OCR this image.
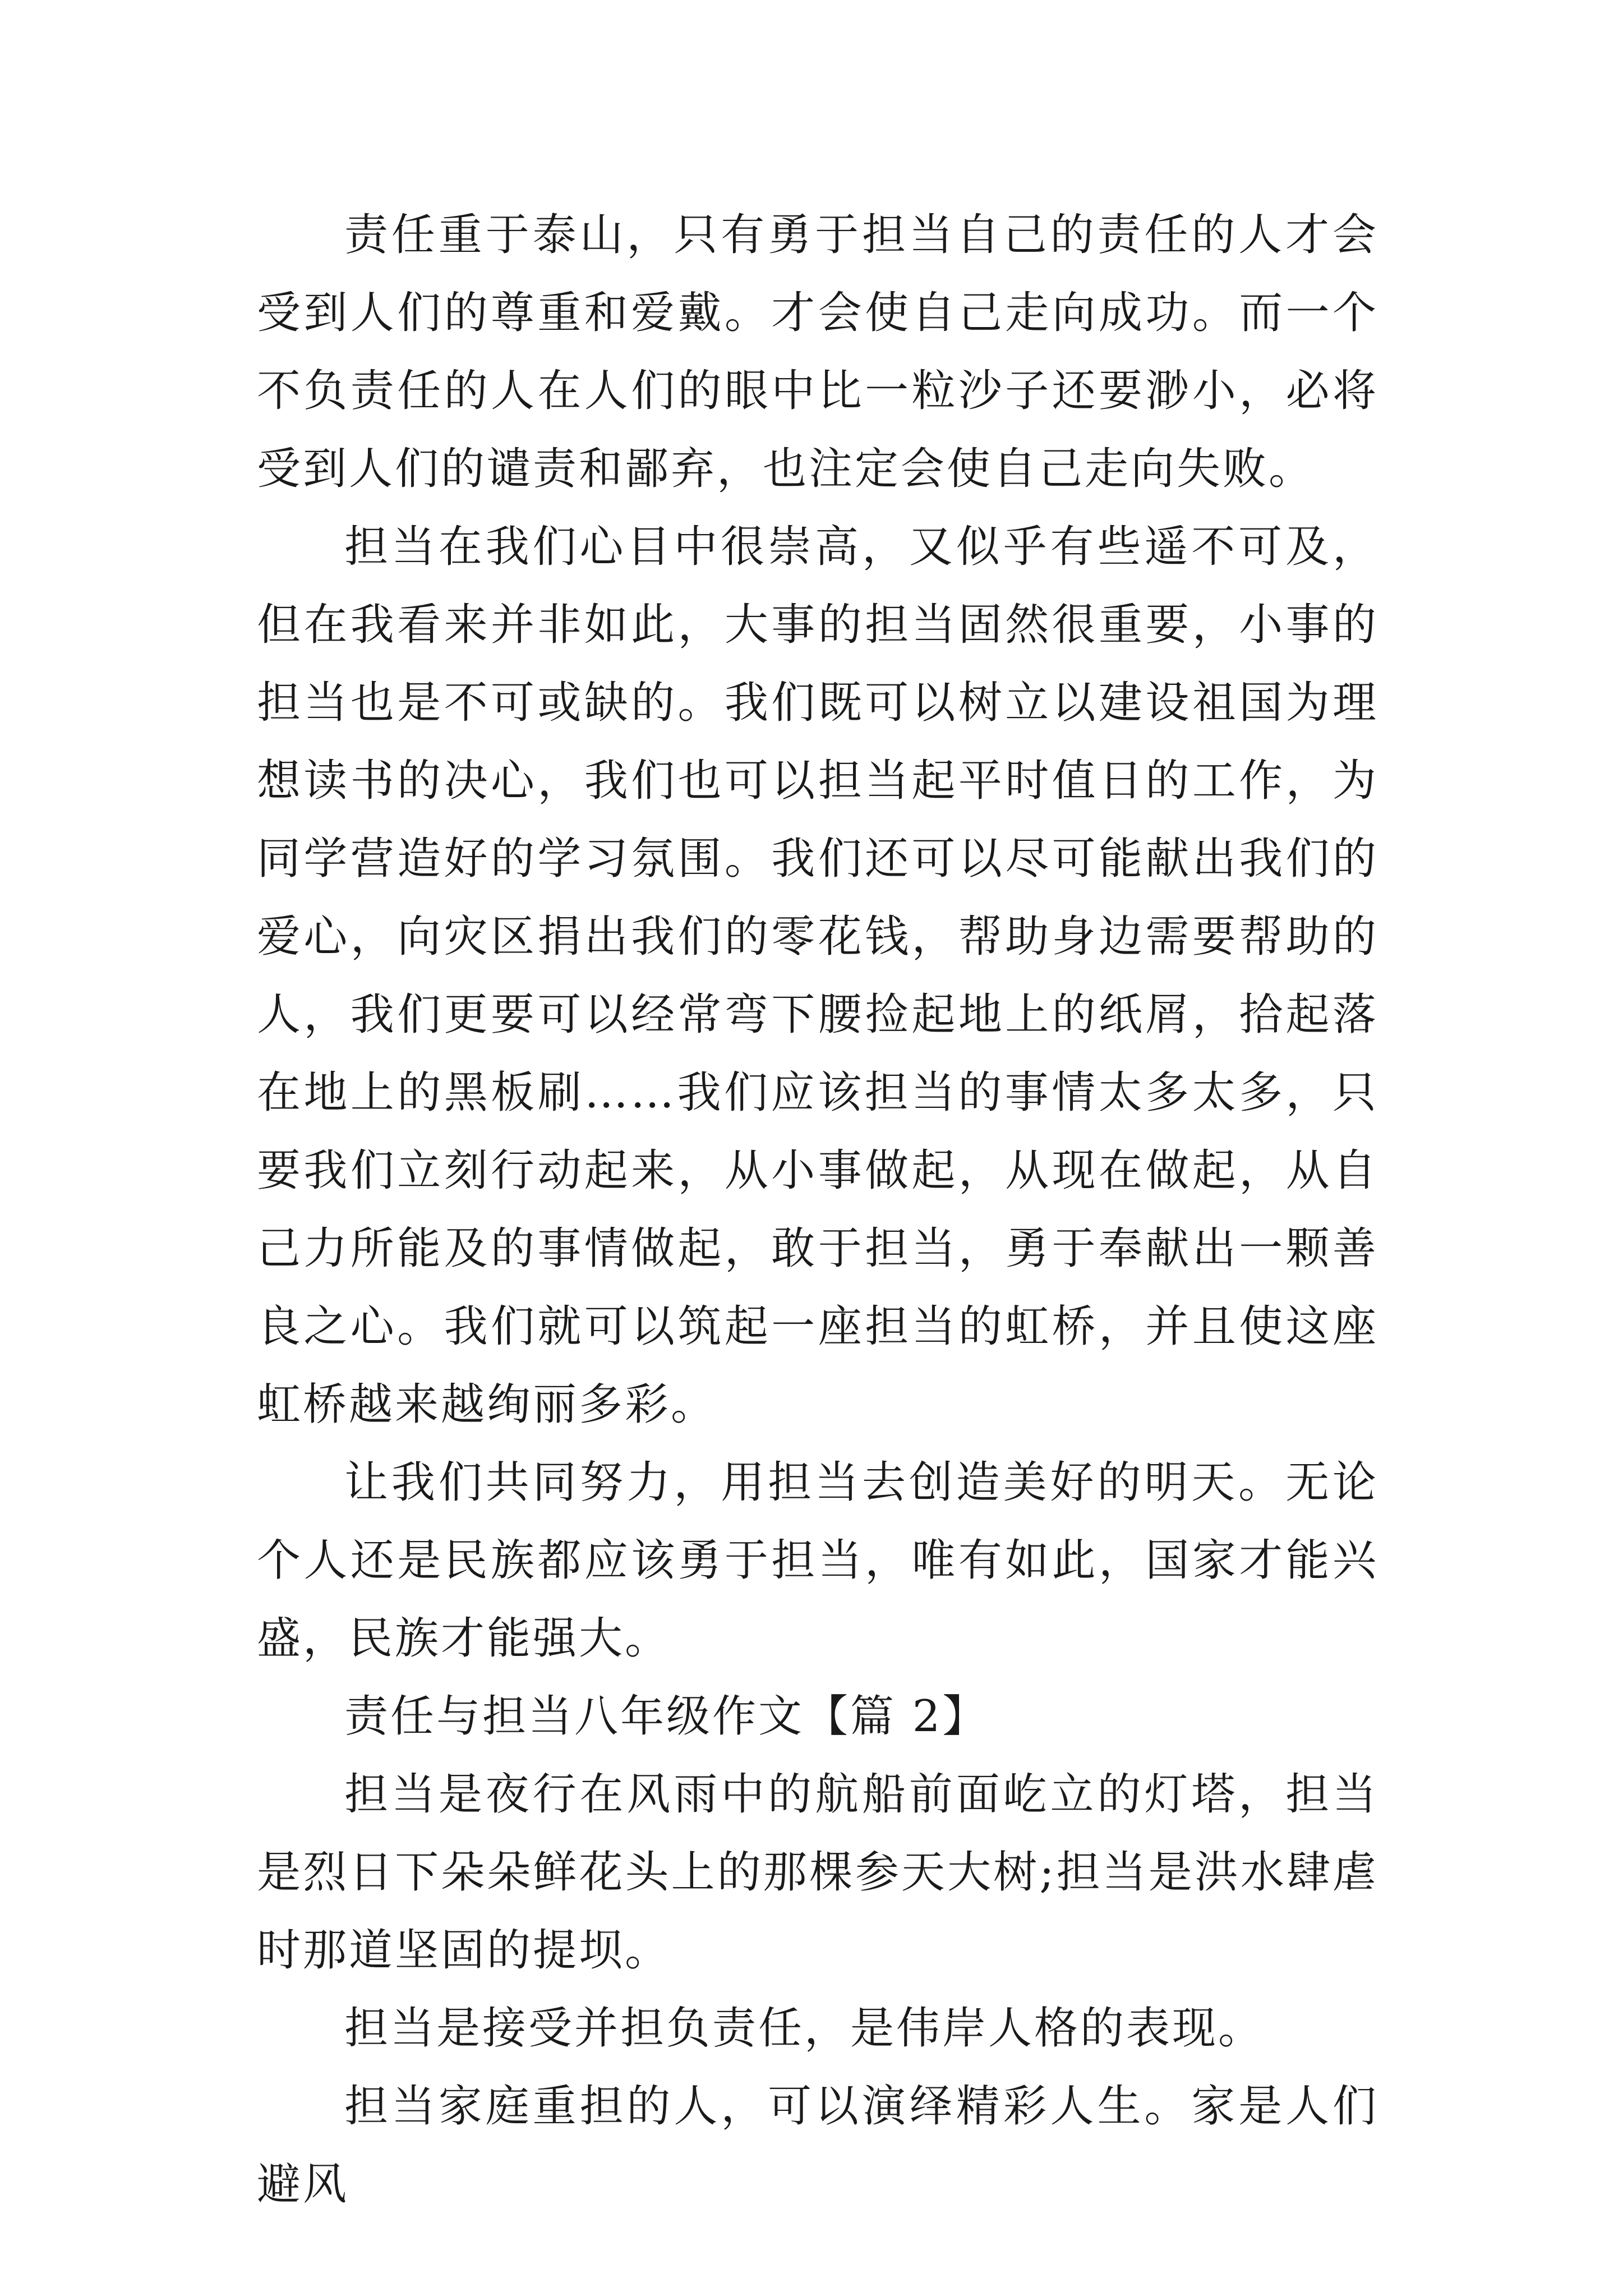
责任重于泰山，只有勇于担当自己的责任的人才会受到人们的尊重和爱戴。才会使自己走向成功。而一个不负责任的人在人们的眼中比一粒沙子还要渺小，必将受到人们的谴责和鄙弃，也注定会使自己走向失败。

担当在我们心目中很崇高，又似乎有些遥不可及，但在我看来并非如此，大事的担当固然很重要，小事的担当也是不可或缺的。我们既可以树立以建设祖国为理想读书的决心，我们也可以担当起平时值日的工作，为同学营造好的学习氛围。我们还可以尽可能献出我们的爱心，向灾区捐出我们的零花钱，帮助身边需要帮助的人，我们更要可以经常弯下腰捡起地上的纸屑，拾起落在地上的黑板刷……我们应该担当的事情太多太多，只要我们立刻行动起来，从小事做起，从现在做起，从自己力所能及的事情做起，敢于担当，勇于奉献出一颗善良之心。我们就可以筑起一座担当的虹桥，并且使这座虹桥越来越绚丽多彩。

让我们共同努力，用担当去创造美好的明天。无论个人还是民族都应该勇于担当，唯有如此，国家才能兴盛，民族才能强大。

责任与担当八年级作文【篇 2】

担当是夜行在风雨中的航船前面屹立的灯塔，担当是烈日下朵朵鲜花头上的那棵参天大树;担当是洪水肆虐时那道坚固的提坝。

担当是接受并担负责任，是伟岸人格的表现。

担当家庭重担的人，可以演绎精彩人生。家是人们避风
